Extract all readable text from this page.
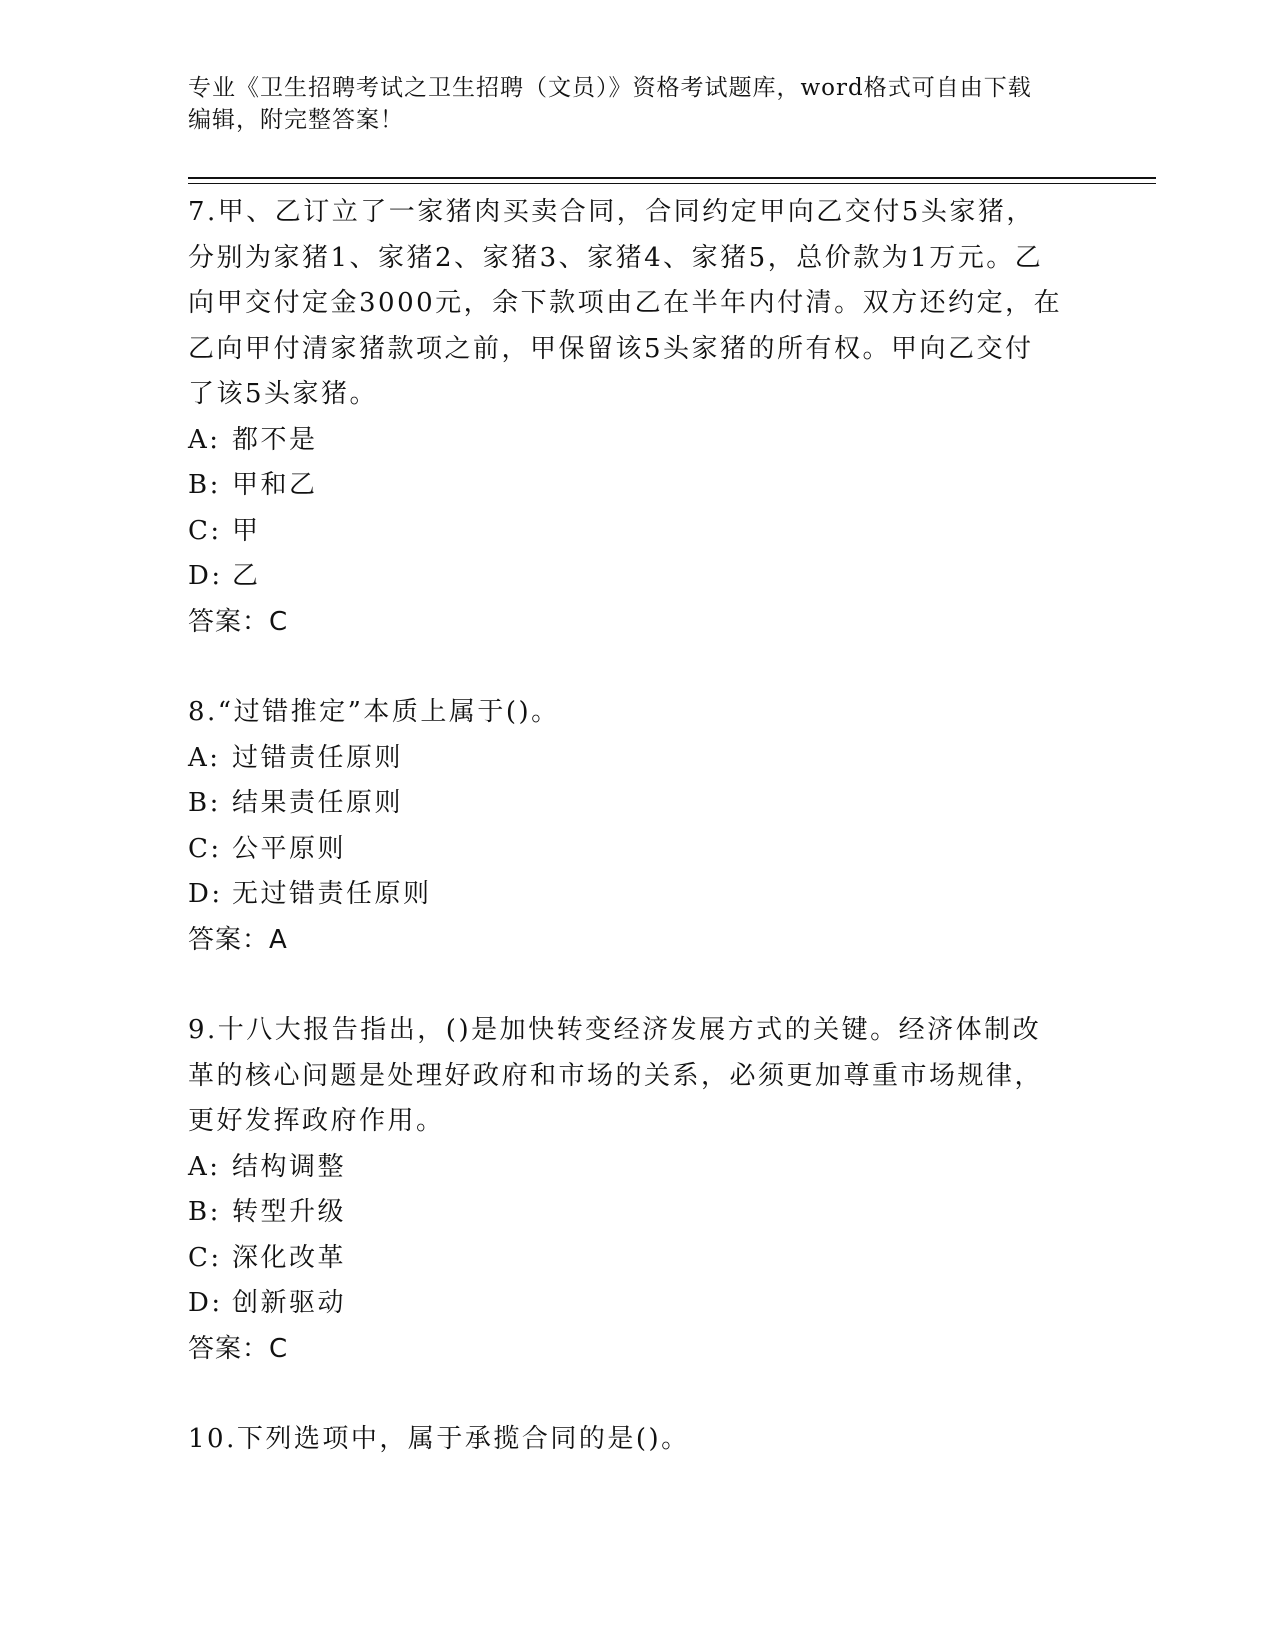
专业《卫生招聘考试之卫生招聘（文员）》资格考试题库，word格式可自由下载
编辑，附完整答案！

7.甲、乙订立了一家猪肉买卖合同，合同约定甲向乙交付5头家猪，

分别为家猪1、家猪2、家猪3、家猪4、家猪5，总价款为1万元。乙

向甲交付定金3000元，余下款项由乙在半年内付清。双方还约定，在

乙向甲付清家猪款项之前，甲保留该5头家猪的所有权。甲向乙交付

了该5头家猪。

A: 都不是

B: 甲和乙

C: 甲

D: 乙

答案：C

8.“过错推定”本质上属于()。

A: 过错责任原则

B: 结果责任原则

C: 公平原则

D: 无过错责任原则

答案：A

9.十八大报告指出，()是加快转变经济发展方式的关键。经济体制改

革的核心问题是处理好政府和市场的关系，必须更加尊重市场规律，

更好发挥政府作用。

A: 结构调整

B: 转型升级

C: 深化改革

D: 创新驱动

答案：C

10.下列选项中，属于承揽合同的是()。
